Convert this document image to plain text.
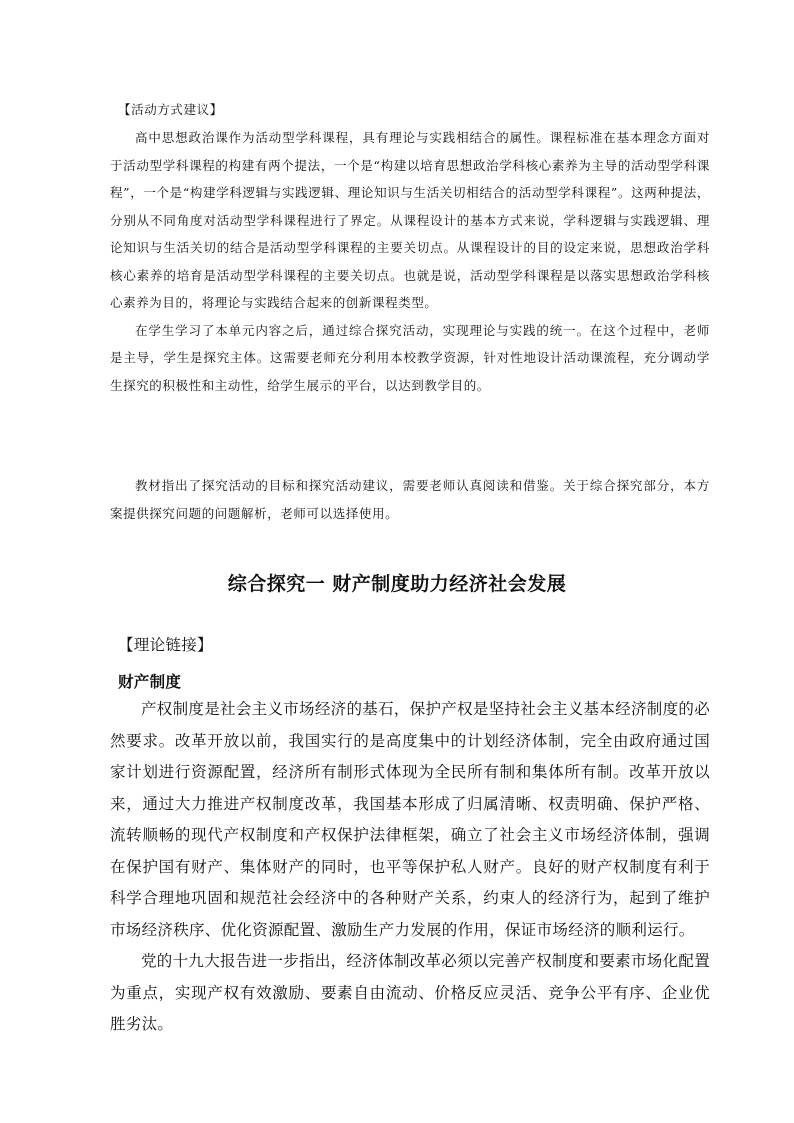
【活动方式建议】

高中思想政治课作为活动型学科课程，具有理论与实践相结合的属性。课程标准在基本理念方面对于活动型学科课程的构建有两个提法，一个是“构建以培育思想政治学科核心素养为主导的活动型学科课程”，一个是“构建学科逻辑与实践逻辑、理论知识与生活关切相结合的活动型学科课程”。这两种提法，分别从不同角度对活动型学科课程进行了界定。从课程设计的基本方式来说，学科逻辑与实践逻辑、理论知识与生活关切的结合是活动型学科课程的主要关切点。从课程设计的目的设定来说，思想政治学科核心素养的培育是活动型学科课程的主要关切点。也就是说，活动型学科课程是以落实思想政治学科核心素养为目的，将理论与实践结合起来的创新课程类型。

在学生学习了本单元内容之后，通过综合探究活动，实现理论与实践的统一。在这个过程中，老师是主导，学生是探究主体。这需要老师充分利用本校教学资源，针对性地设计活动课流程，充分调动学生探究的积极性和主动性，给学生展示的平台，以达到教学目的。

教材指出了探究活动的目标和探究活动建议，需要老师认真阅读和借鉴。关于综合探究部分，本方案提供探究问题的问题解析，老师可以选择使用。

综合探究一 财产制度助力经济社会发展

【理论链接】

财产制度

产权制度是社会主义市场经济的基石，保护产权是坚持社会主义基本经济制度的必然要求。改革开放以前，我国实行的是高度集中的计划经济体制，完全由政府通过国家计划进行资源配置，经济所有制形式体现为全民所有制和集体所有制。改革开放以来，通过大力推进产权制度改革，我国基本形成了归属清晰、权责明确、保护严格、流转顺畅的现代产权制度和产权保护法律框架，确立了社会主义市场经济体制，强调在保护国有财产、集体财产的同时，也平等保护私人财产。良好的财产权制度有利于科学合理地巩固和规范社会经济中的各种财产关系，约束人的经济行为，起到了维护市场经济秩序、优化资源配置、激励生产力发展的作用，保证市场经济的顺利运行。

党的十九大报告进一步指出，经济体制改革必须以完善产权制度和要素市场化配置为重点，实现产权有效激励、要素自由流动、价格反应灵活、竞争公平有序、企业优胜劣汰。
